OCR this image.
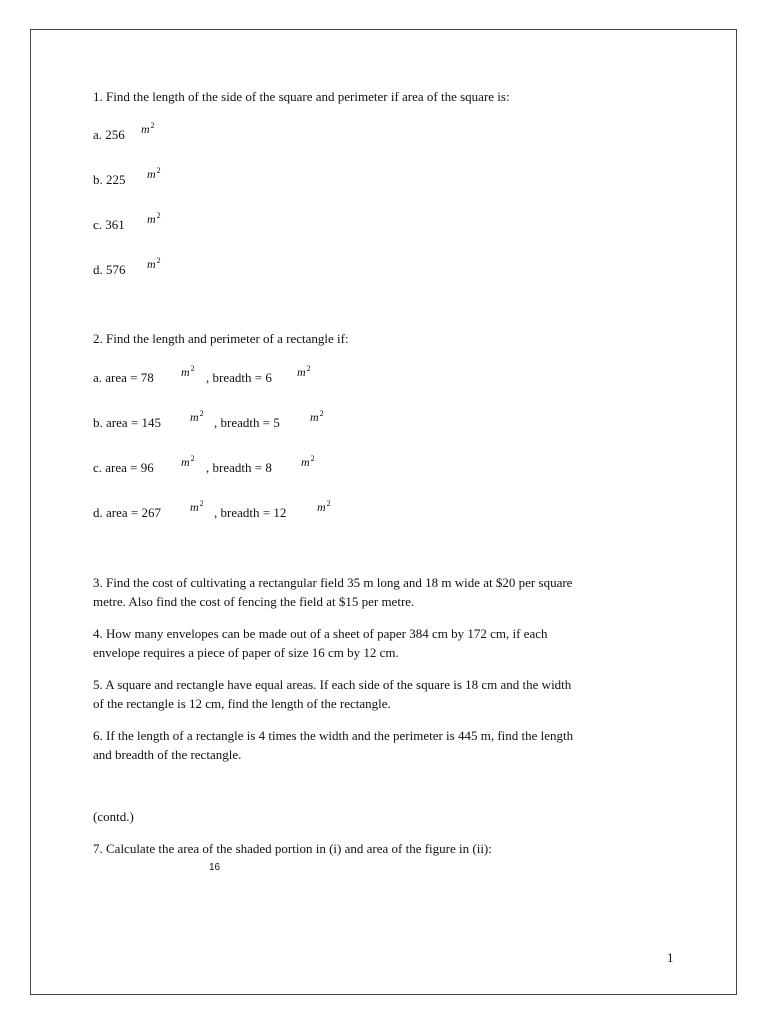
1. Find the length of the side of the square and perimeter if area of the square is:
a. 256 $m^2$
b. 225 $m^2$
c. 361 $m^2$
d. 576 $m^2$
2. Find the length and perimeter of a rectangle if:
a. area = 78 $m^2$
, breadth = 6 $m^2$
b. area = 145 $m^2$
, breadth = 5	$m^2$
c. area = 96 $m^2$
, breadth = 8 $m^2$
d. area = 267 $m^2$
, breadth = 12	$m^2$
3. Find the cost of cultivating a rectangular field 35 m long and 18 m wide at $20 per square
metre. Also find the cost of fencing the field at $15 per metre.
4. How many envelopes can be made out of a sheet of paper 384 cm by 172 cm, if each
envelope requires a piece of paper of size 16 cm by 12 cm.
5. A square and rectangle have equal areas. If each side of the square is 18 cm and the width
of the rectangle is 12 cm, find the length of the rectangle.
6. If the length of a rectangle is 4 times the width and the perimeter is 445 m, find the length
and breadth of the rectangle.
(contd.)
7. Calculate the area of the shaded portion in (i) and area of the figure in (ii):
16
1
